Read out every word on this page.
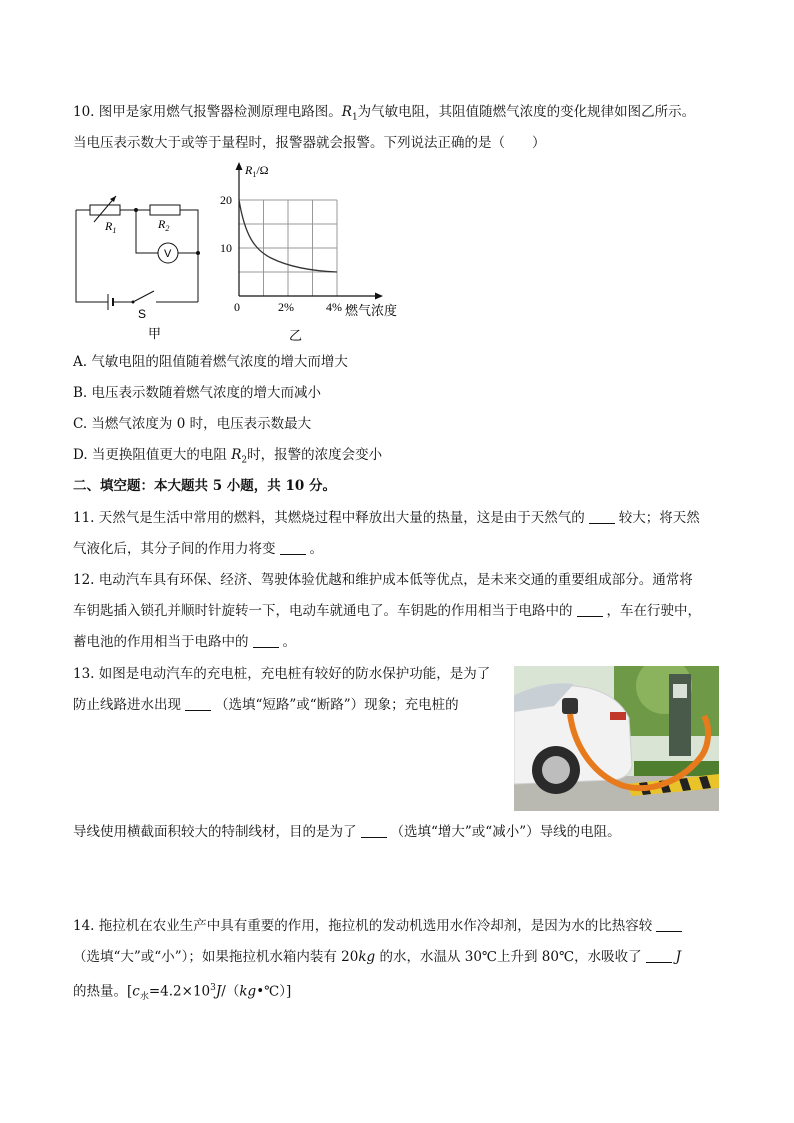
10. 图甲是家用燃气报警器检测原理电路图。$R_1$为气敏电阻，其阻值随燃气浓度的变化规律如图乙所示。
当电压表示数大于或等于量程时，报警器就会报警。下列说法正确的是（　　）
$R_1$	$R_2$
V
S
甲
$R_1/\Omega$
20
10
0	2%	4% 燃气浓度
乙
A. 气敏电阻的阻值随着燃气浓度的增大而增大
B. 电压表示数随着燃气浓度的增大而减小
C. 当燃气浓度为 0 时，电压表示数最大
D. 当更换阻值更大的电阻 $R_2$时，报警的浓度会变小
二、填空题：本大题共 5 小题，共 10 分。
11. 天然气是生活中常用的燃料，其燃烧过程中释放出大量的热量，这是由于天然气的	较大；将天然
气液化后，其分子间的作用力将变	。
12. 电动汽车具有环保、经济、驾驶体验优越和维护成本低等优点，是未来交通的重要组成部分。通常将
车钥匙插入锁孔并顺时针旋转一下，电动车就通电了。车钥匙的作用相当于电路中的	，车在行驶中，
蓄电池的作用相当于电路中的	。
13. 如图是电动汽车的充电桩，充电桩有较好的防水保护功能，是为了
防止线路进水出现	（选填“短路”或“断路”）现象；充电桩的
导线使用横截面积较大的特制线材，目的是为了	（选填“增大”或“减小”）导线的电阻。
14. 拖拉机在农业生产中具有重要的作用，拖拉机的发动机选用水作冷却剂，是因为水的比热容较
（选填“大”或“小”）；如果拖拉机水箱内装有 20kg 的水，水温从 30℃上升到 80℃，水吸收了	J
的热量。$[c_水=4.2\times 10^3J/(kg•℃)]$
